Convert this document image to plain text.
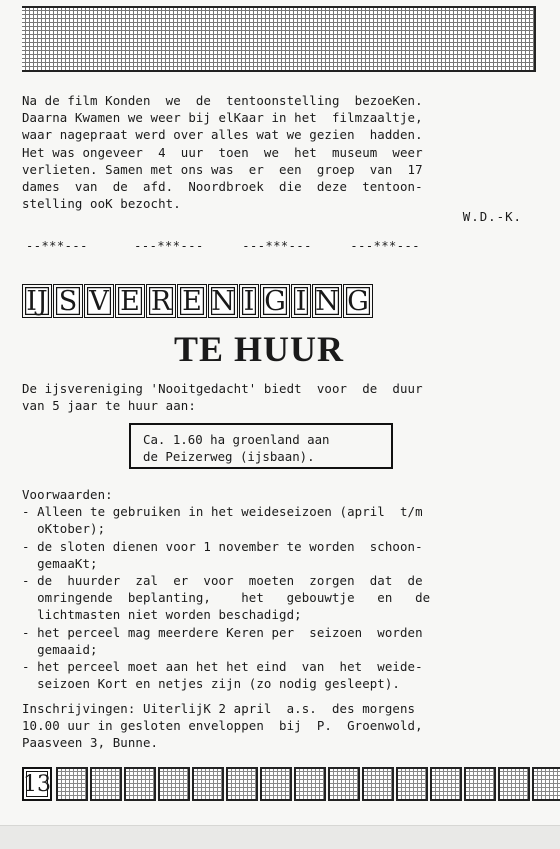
Na de film Konden  we  de  tentoonstelling  bezoeKen.
Daarna Kwamen we weer bij elKaar in het  filmzaaltje,
waar nagepraat werd over alles wat we gezien  hadden.
Het was ongeveer  4  uur  toen  we  het  museum  weer
verlieten. Samen met ons was  er  een  groep  van  17
dames  van  de  afd.  Noordbroek  die  deze  tentoon-
stelling ooK bezocht.
W.D.-K.
--***---      ---***---     ---***---     ---***---
IJ S V E R E N I G I N G
TE HUUR
De ijsvereniging 'Nooitgedacht' biedt  voor  de  duur
van 5 jaar te huur aan:
Ca. 1.60 ha groenland aan
de Peizerweg (ijsbaan).
Voorwaarden:
- Alleen te gebruiken in het weideseizoen (april  t/m
oKtober);
- de sloten dienen voor 1 november te worden  schoon-
gemaaKt;
- de  huurder  zal  er  voor  moeten  zorgen  dat  de
omringende  beplanting,    het   gebouwtje   en   de
lichtmasten niet worden beschadigd;
- het perceel mag meerdere Keren per  seizoen  worden
gemaaid;
- het perceel moet aan het het eind  van  het  weide-
seizoen Kort en netjes zijn (zo nodig gesleept).
Inschrijvingen: UiterlijK 2 april  a.s.  des morgens
10.00 uur in gesloten enveloppen  bij  P.  Groenwold,
Paasveen 3, Bunne.
13
